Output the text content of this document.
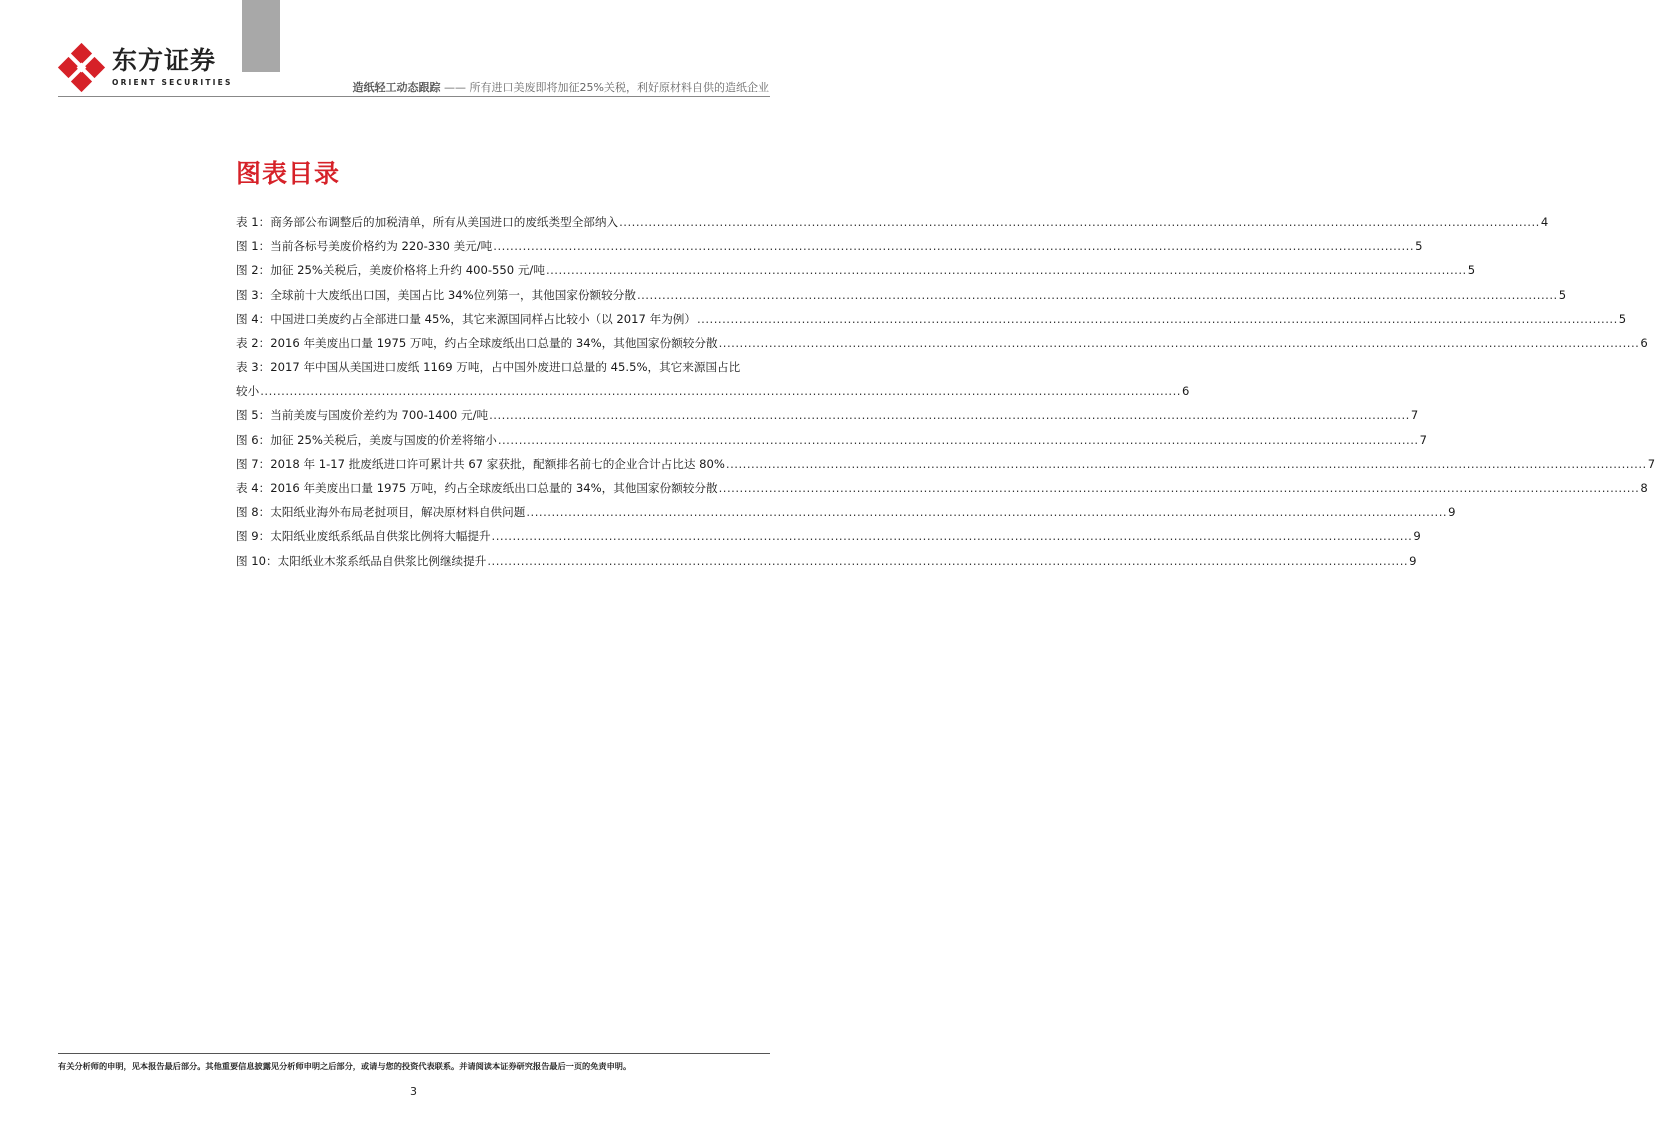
东方证券
ORIENT SECURITIES	造纸轻工动态跟踪 —— 所有进口美废即将加征25%关税，利好原材料自供的造纸企业
图表目录
表 1：商务部公布调整后的加税清单，所有从美国进口的废纸类型全部纳入 ............................................................................................................................................................................................................................ 4
图 1：当前各标号美废价格约为 220-330 美元/吨 ............................................................................................................................................................................................................................ 5
图 2：加征 25%关税后，美废价格将上升约 400-550 元/吨 ............................................................................................................................................................................................................................ 5
图 3：全球前十大废纸出口国，美国占比 34%位列第一，其他国家份额较分散 ............................................................................................................................................................................................................................ 5
图 4：中国进口美废约占全部进口量 45%，其它来源国同样占比较小（以 2017 年为例） ............................................................................................................................................................................................................................ 5
表 2：2016 年美废出口量 1975 万吨，约占全球废纸出口总量的 34%，其他国家份额较分散 ............................................................................................................................................................................................................................ 6
表 3：2017 年中国从美国进口废纸 1169 万吨，占中国外废进口总量的 45.5%，其它来源国占比
较小 ............................................................................................................................................................................................................................ 6
图 5：当前美废与国废价差约为 700-1400 元/吨 ............................................................................................................................................................................................................................ 7
图 6：加征 25%关税后，美废与国废的价差将缩小 ............................................................................................................................................................................................................................ 7
图 7：2018 年 1-17 批废纸进口许可累计共 67 家获批，配额排名前七的企业合计占比达 80% ............................................................................................................................................................................................................................ 7
表 4：2016 年美废出口量 1975 万吨，约占全球废纸出口总量的 34%，其他国家份额较分散 ............................................................................................................................................................................................................................ 8
图 8：太阳纸业海外布局老挝项目，解决原材料自供问题 ............................................................................................................................................................................................................................ 9
图 9：太阳纸业废纸系纸品自供浆比例将大幅提升 ............................................................................................................................................................................................................................ 9
图 10：太阳纸业木浆系纸品自供浆比例继续提升 ............................................................................................................................................................................................................................ 9
有关分析师的申明，见本报告最后部分。其他重要信息披露见分析师申明之后部分，或请与您的投资代表联系。并请阅读本证券研究报告最后一页的免责申明。
3
